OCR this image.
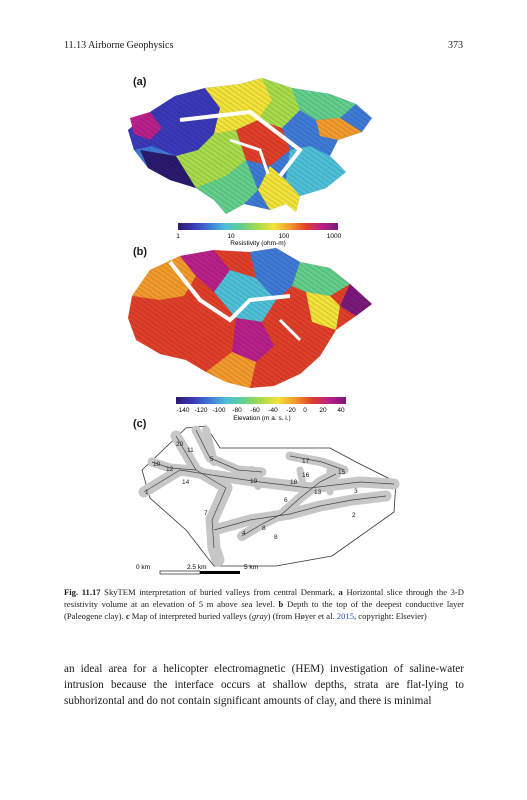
11.13 Airborne Geophysics	373
(a)
(b)
(c)
1	10	100	1000
Resistivity (ohm-m)
-140 -120 -100 -80 -60 -40 -20 0 20 40
Elevation (m a. s. l.)
20
11
10
12
5
14	19
17
18
16	15
13
1	3
6
7	2
4
8
8
0 km	2.5 km	5 km
Fig. 11.17 SkyTEM interpretation of buried valleys from central Denmark. a Horizontal slice through the 3-D resistivity volume at an elevation of 5 m above sea level. b Depth to the top of the deepest conductive layer (Paleogene clay). c Map of interpreted buried valleys (gray) (from Høyer et al. 2015, copyright: Elsevier)
an ideal area for a helicopter electromagnetic (HEM) investigation of saline-water intrusion because the interface occurs at shallow depths, strata are flat-lying to subhorizontal and do not contain significant amounts of clay, and there is minimal
